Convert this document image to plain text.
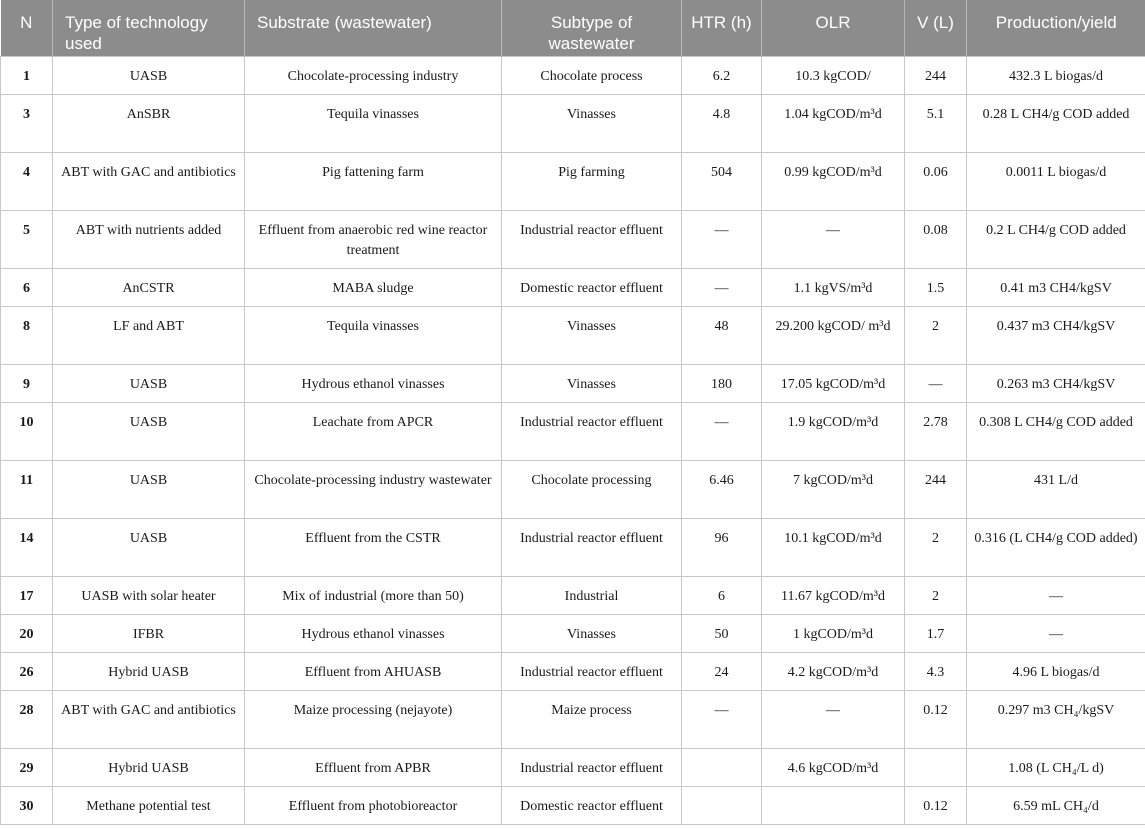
N	Type of technology used	Substrate (wastewater)	Subtype of wastewater	HTR (h)	OLR	V (L)	Production/yield
1	UASB	Chocolate-processing industry	Chocolate process	6.2	10.3 kgCOD/	244	432.3 L biogas/d
3	AnSBR	Tequila vinasses	Vinasses	4.8	1.04 kgCOD/m³d	5.1	0.28 L CH4/g COD added
4	ABT with GAC and antibiotics	Pig fattening farm	Pig farming	504	0.99 kgCOD/m³d	0.06	0.0011 L biogas/d
5	ABT with nutrients added	Effluent from anaerobic red wine reactor treatment	Industrial reactor effluent	—	—	0.08	0.2 L CH4/g COD added
6	AnCSTR	MABA sludge	Domestic reactor effluent	—	1.1 kgVS/m³d	1.5	0.41 m3 CH4/kgSV
8	LF and ABT	Tequila vinasses	Vinasses	48	29.200 kgCOD/ m³d	2	0.437 m3 CH4/kgSV
9	UASB	Hydrous ethanol vinasses	Vinasses	180	17.05 kgCOD/m³d	—	0.263 m3 CH4/kgSV
10	UASB	Leachate from APCR	Industrial reactor effluent	—	1.9 kgCOD/m³d	2.78	0.308 L CH4/g COD added
11	UASB	Chocolate-processing industry wastewater	Chocolate processing	6.46	7 kgCOD/m³d	244	431 L/d
14	UASB	Effluent from the CSTR	Industrial reactor effluent	96	10.1 kgCOD/m³d	2	0.316 (L CH4/g COD added)
17	UASB with solar heater	Mix of industrial (more than 50)	Industrial	6	11.67 kgCOD/m³d	2	—
20	IFBR	Hydrous ethanol vinasses	Vinasses	50	1 kgCOD/m³d	1.7	—
26	Hybrid UASB	Effluent from AHUASB	Industrial reactor effluent	24	4.2 kgCOD/m³d	4.3	4.96 L biogas/d
28	ABT with GAC and antibiotics	Maize processing (nejayote)	Maize process	—	—	0.12	0.297 m3 CH₄/kgSV
29	Hybrid UASB	Effluent from APBR	Industrial reactor effluent		4.6 kgCOD/m³d		1.08 (L CH₄/L d)
30	Methane potential test	Effluent from photobioreactor	Domestic reactor effluent			0.12	6.59 mL CH₄/d
